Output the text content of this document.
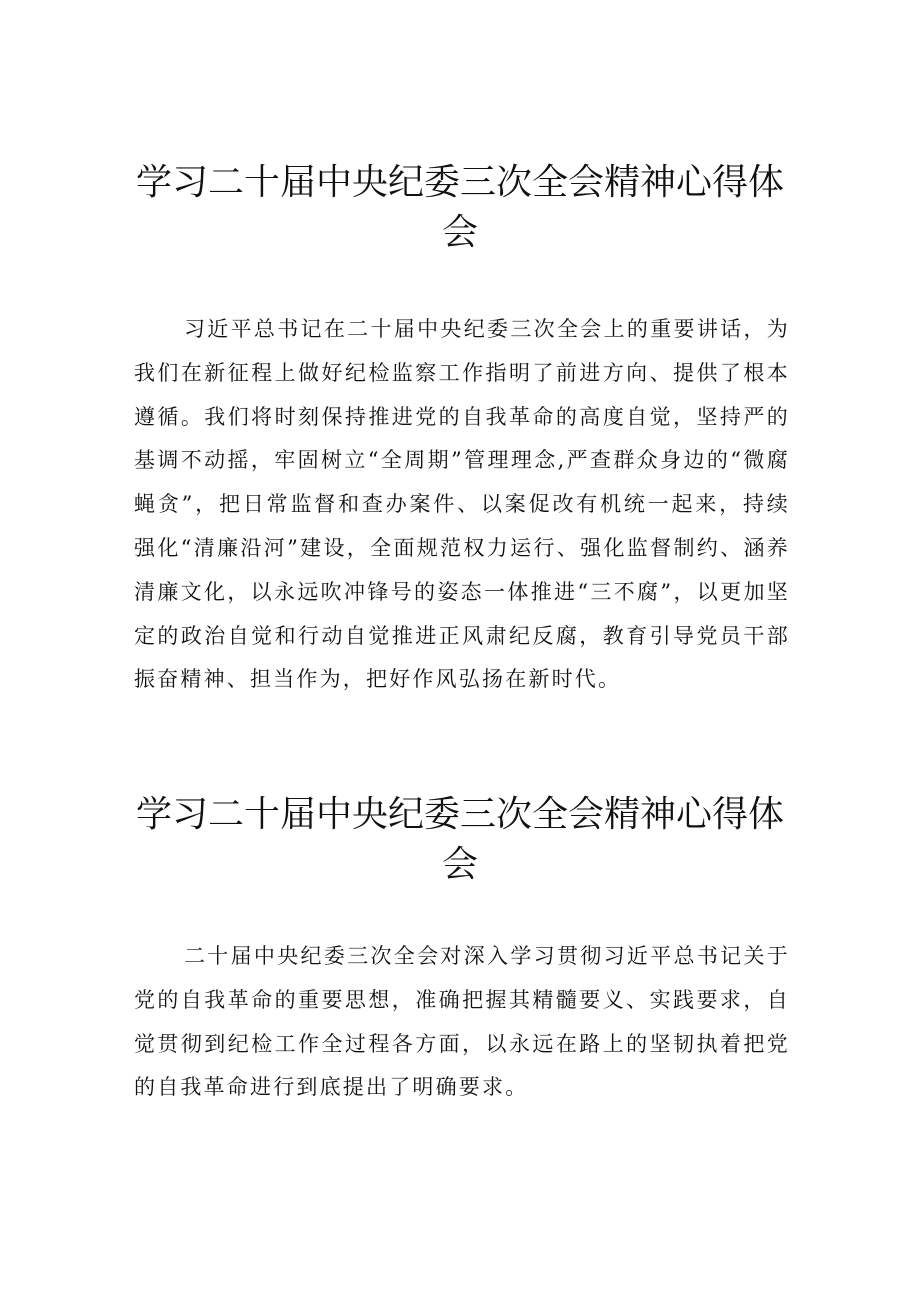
学习二十届中央纪委三次全会精神心得体
会

习近平总书记在二十届中央纪委三次全会上的重要讲话，为我们在新征程上做好纪检监察工作指明了前进方向、提供了根本遵循。我们将时刻保持推进党的自我革命的高度自觉，坚持严的基调不动摇，牢固树立“全周期”管理理念,严查群众身边的“微腐蝇贪”，把日常监督和查办案件、以案促改有机统一起来，持续强化“清廉沿河”建设，全面规范权力运行、强化监督制约、涵养清廉文化，以永远吹冲锋号的姿态一体推进“三不腐”，以更加坚定的政治自觉和行动自觉推进正风肃纪反腐，教育引导党员干部振奋精神、担当作为，把好作风弘扬在新时代。

学习二十届中央纪委三次全会精神心得体
会

二十届中央纪委三次全会对深入学习贯彻习近平总书记关于党的自我革命的重要思想，准确把握其精髓要义、实践要求，自觉贯彻到纪检工作全过程各方面，以永远在路上的坚韧执着把党的自我革命进行到底提出了明确要求。
